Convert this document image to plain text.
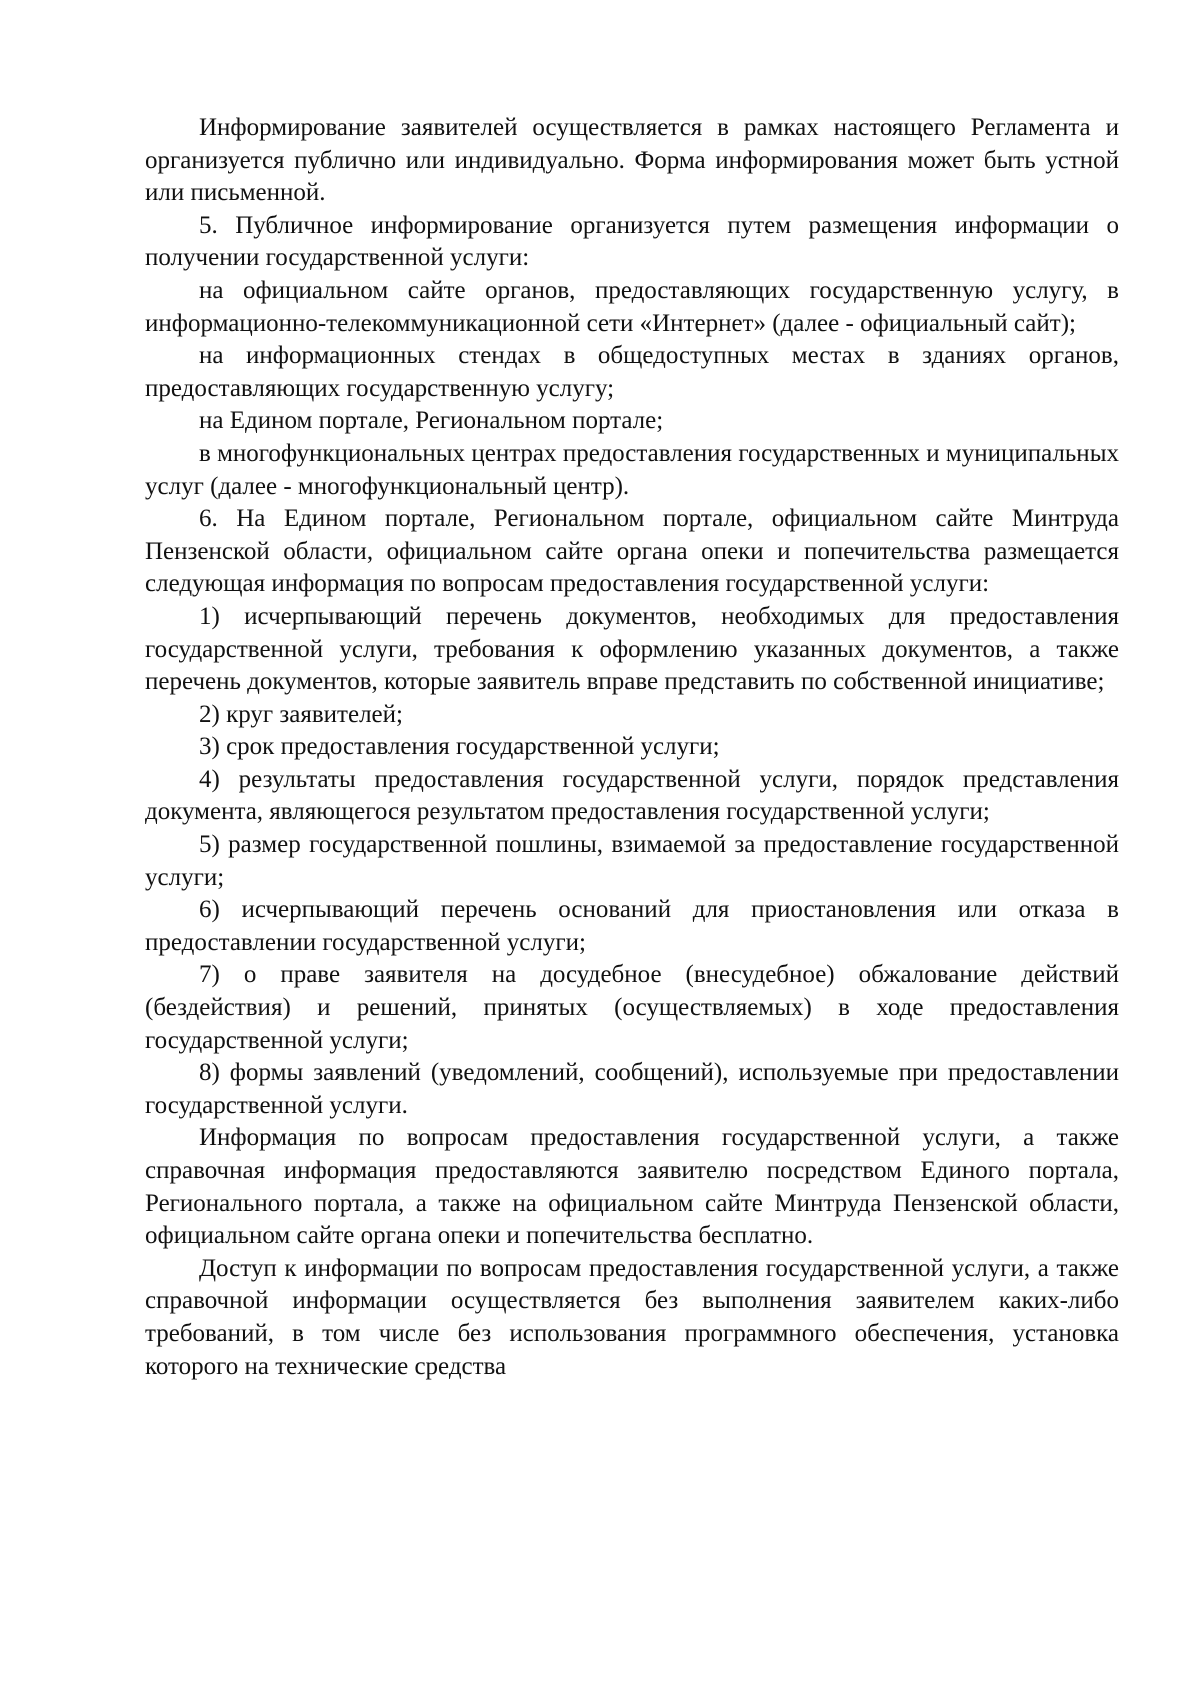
Информирование заявителей осуществляется в рамках настоящего Регламента и организуется публично или индивидуально. Форма информирования может быть устной или письменной.

5. Публичное информирование организуется путем размещения информации о получении государственной услуги:

на официальном сайте органов, предоставляющих государственную услугу, в информационно-телекоммуникационной сети «Интернет» (далее - официальный сайт);

на информационных стендах в общедоступных местах в зданиях органов, предоставляющих государственную услугу;

на Едином портале, Региональном портале;

в многофункциональных центрах предоставления государственных и муниципальных услуг (далее - многофункциональный центр).

6. На Едином портале, Региональном портале, официальном сайте Минтруда Пензенской области, официальном сайте органа опеки и попечительства размещается следующая информация по вопросам предоставления государственной услуги:

1) исчерпывающий перечень документов, необходимых для предоставления государственной услуги, требования к оформлению указанных документов, а также перечень документов, которые заявитель вправе представить по собственной инициативе;

2) круг заявителей;

3) срок предоставления государственной услуги;

4) результаты предоставления государственной услуги, порядок представления документа, являющегося результатом предоставления государственной услуги;

5) размер государственной пошлины, взимаемой за предоставление государственной услуги;

6) исчерпывающий перечень оснований для приостановления или отказа в предоставлении государственной услуги;

7) о праве заявителя на досудебное (внесудебное) обжалование действий (бездействия) и решений, принятых (осуществляемых) в ходе предоставления государственной услуги;

8) формы заявлений (уведомлений, сообщений), используемые при предоставлении государственной услуги.

Информация по вопросам предоставления государственной услуги, а также справочная информация предоставляются заявителю посредством Единого портала, Регионального портала, а также на официальном сайте Минтруда Пензенской области, официальном сайте органа опеки и попечительства бесплатно.

Доступ к информации по вопросам предоставления государственной услуги, а также справочной информации осуществляется без выполнения заявителем каких-либо требований, в том числе без использования программного обеспечения, установка которого на технические средства
